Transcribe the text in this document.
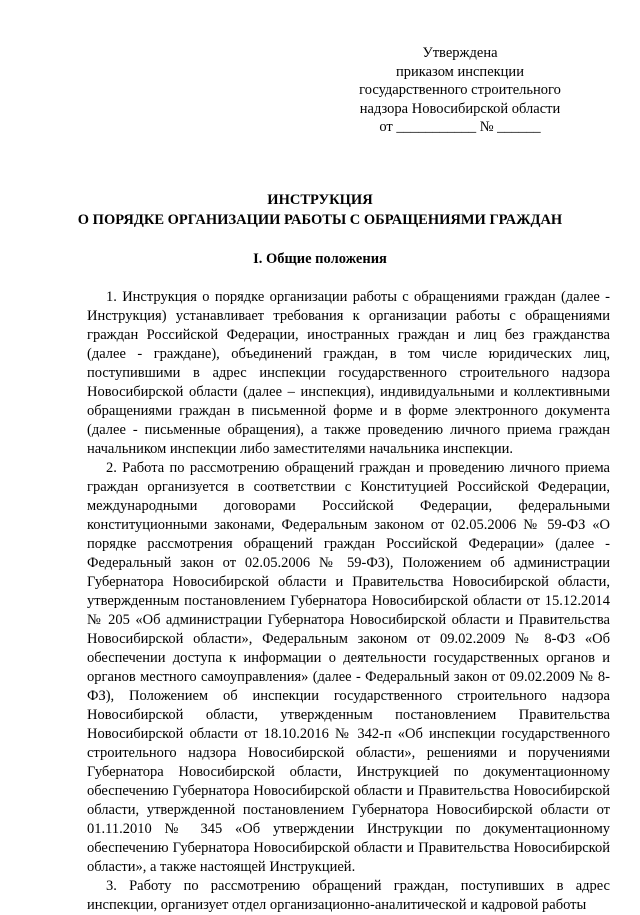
Утверждена
приказом инспекции
государственного строительного
надзора Новосибирской области
от ___________ № ______
ИНСТРУКЦИЯ
О ПОРЯДКЕ ОРГАНИЗАЦИИ РАБОТЫ С ОБРАЩЕНИЯМИ ГРАЖДАН
I. Общие положения

1. Инструкция о порядке организации работы с обращениями граждан (далее - Инструкция) устанавливает требования к организации работы с обращениями граждан Российской Федерации, иностранных граждан и лиц без гражданства (далее - граждане), объединений граждан, в том числе юридических лиц, поступившими в адрес инспекции государственного строительного надзора Новосибирской области (далее – инспекция), индивидуальными и коллективными обращениями граждан в письменной форме и в форме электронного документа (далее - письменные обращения), а также проведению личного приема граждан начальником инспекции либо заместителями начальника инспекции.

2. Работа по рассмотрению обращений граждан и проведению личного приема граждан организуется в соответствии с Конституцией Российской Федерации, международными договорами Российской Федерации, федеральными конституционными законами, Федеральным законом от 02.05.2006 № 59-ФЗ «О порядке рассмотрения обращений граждан Российской Федерации» (далее - Федеральный закон от 02.05.2006 № 59-ФЗ), Положением об администрации Губернатора Новосибирской области и Правительства Новосибирской области, утвержденным постановлением Губернатора Новосибирской области от 15.12.2014 № 205 «Об администрации Губернатора Новосибирской области и Правительства Новосибирской области», Федеральным законом от 09.02.2009 № 8-ФЗ «Об обеспечении доступа к информации о деятельности государственных органов и органов местного самоуправления» (далее - Федеральный закон от 09.02.2009 № 8-ФЗ), Положением об инспекции государственного строительного надзора Новосибирской области, утвержденным постановлением Правительства Новосибирской области от 18.10.2016 № 342-п «Об инспекции государственного строительного надзора Новосибирской области», решениями и поручениями Губернатора Новосибирской области, Инструкцией по документационному обеспечению Губернатора Новосибирской области и Правительства Новосибирской области, утвержденной постановлением Губернатора Новосибирской области от 01.11.2010 № 345 «Об утверждении Инструкции по документационному обеспечению Губернатора Новосибирской области и Правительства Новосибирской области», а также настоящей Инструкцией.

3. Работу по рассмотрению обращений граждан, поступивших в адрес инспекции, организует отдел организационно-аналитической и кадровой работы
